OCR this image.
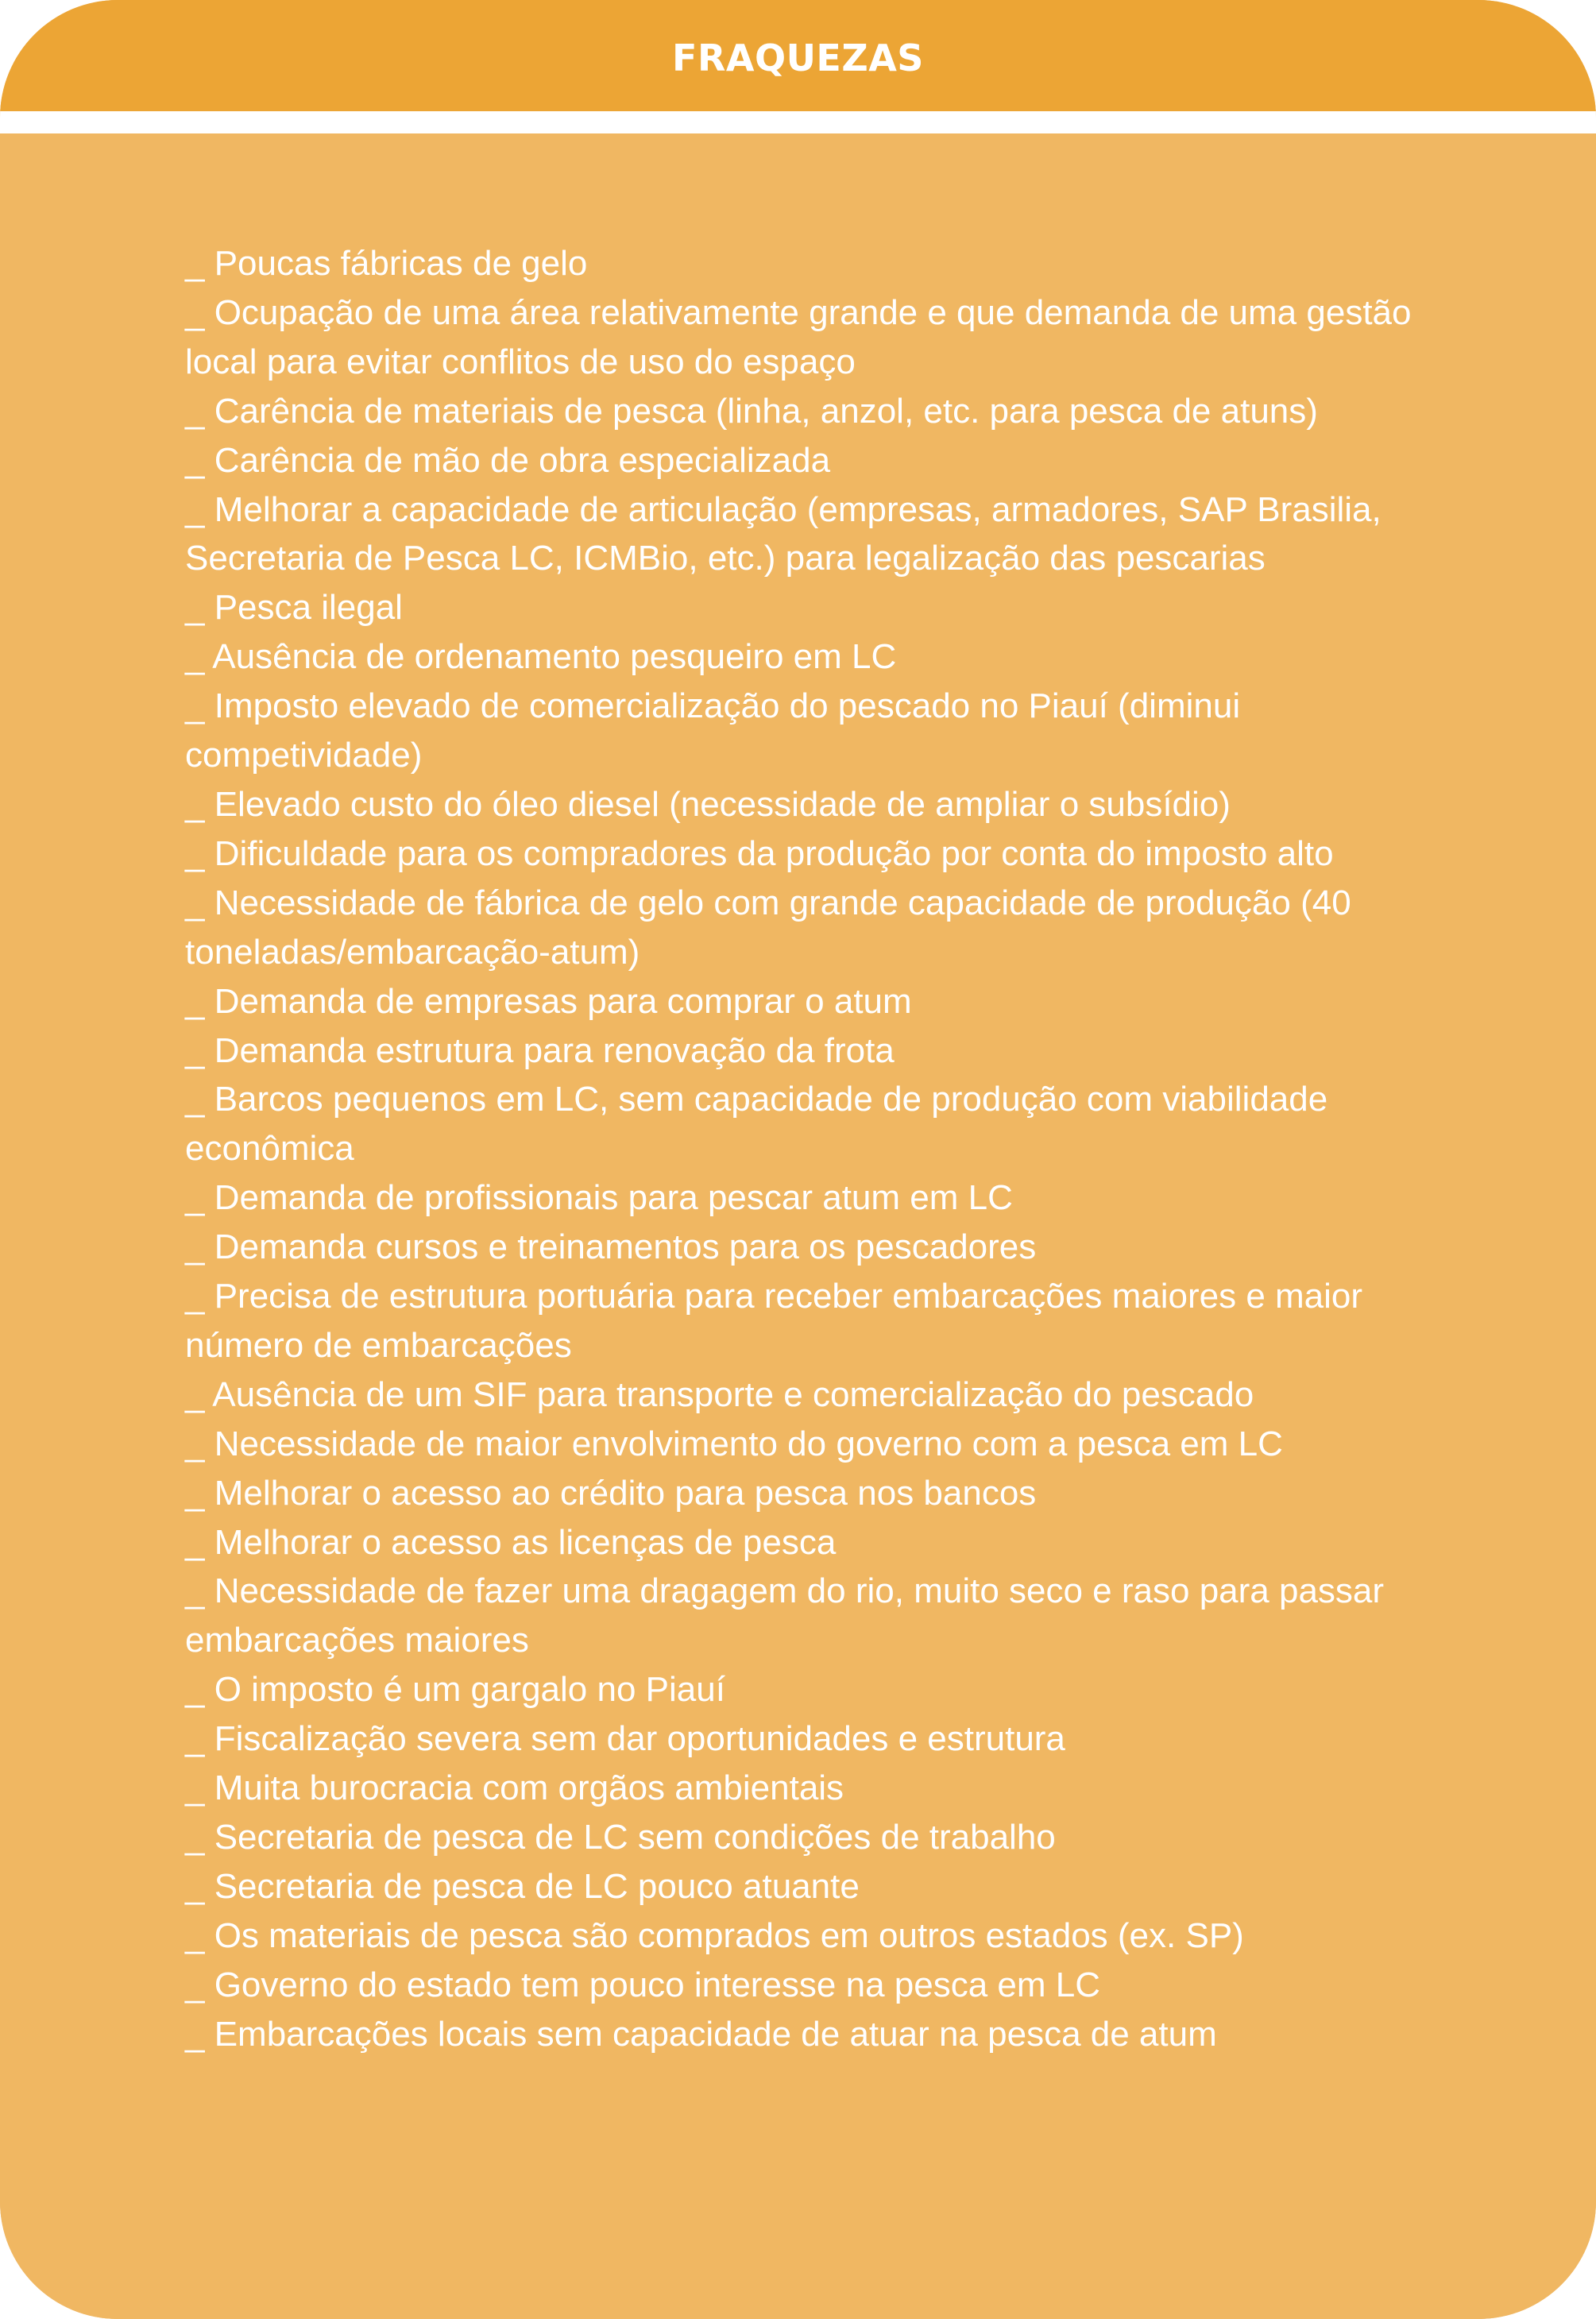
FRAQUEZAS
_ Poucas fábricas de gelo
_ Ocupação de uma área relativamente grande e que demanda de uma gestão local para evitar conflitos de uso do espaço
_ Carência de materiais de pesca (linha, anzol, etc. para pesca de atuns)
_ Carência de mão de obra especializada
_ Melhorar a capacidade de articulação (empresas, armadores, SAP Brasilia, Secretaria de Pesca LC, ICMBio, etc.) para legalização das pescarias
_ Pesca ilegal
_ Ausência de ordenamento pesqueiro em LC
_ Imposto elevado de comercialização do pescado no Piauí (diminui competividade)
_ Elevado custo do óleo diesel (necessidade de ampliar o subsídio)
_ Dificuldade para os compradores da produção por conta do imposto alto
_ Necessidade de fábrica de gelo com grande capacidade de produção (40 toneladas/embarcação-atum)
_ Demanda de empresas para comprar o atum
_ Demanda estrutura para renovação da frota
_ Barcos pequenos em LC, sem capacidade de produção com viabilidade econômica
_ Demanda de profissionais para pescar atum em LC
_ Demanda cursos e treinamentos para os pescadores
_ Precisa de estrutura portuária para receber embarcações maiores e maior número de embarcações
_ Ausência de um SIF para transporte e comercialização do pescado
_ Necessidade de maior envolvimento do governo com a pesca em LC
_ Melhorar o acesso ao crédito para pesca nos bancos
_ Melhorar o acesso as licenças de pesca
_ Necessidade de fazer uma dragagem do rio, muito seco e raso para passar embarcações maiores
_ O imposto é um gargalo no Piauí
_ Fiscalização severa sem dar oportunidades e estrutura
_ Muita burocracia com orgãos ambientais
_ Secretaria de pesca de LC sem condições de trabalho
_ Secretaria de pesca de LC pouco atuante
_ Os materiais de pesca são comprados em outros estados (ex. SP)
_ Governo do estado tem pouco interesse na pesca em LC
_ Embarcações locais sem capacidade de atuar na pesca de atum
